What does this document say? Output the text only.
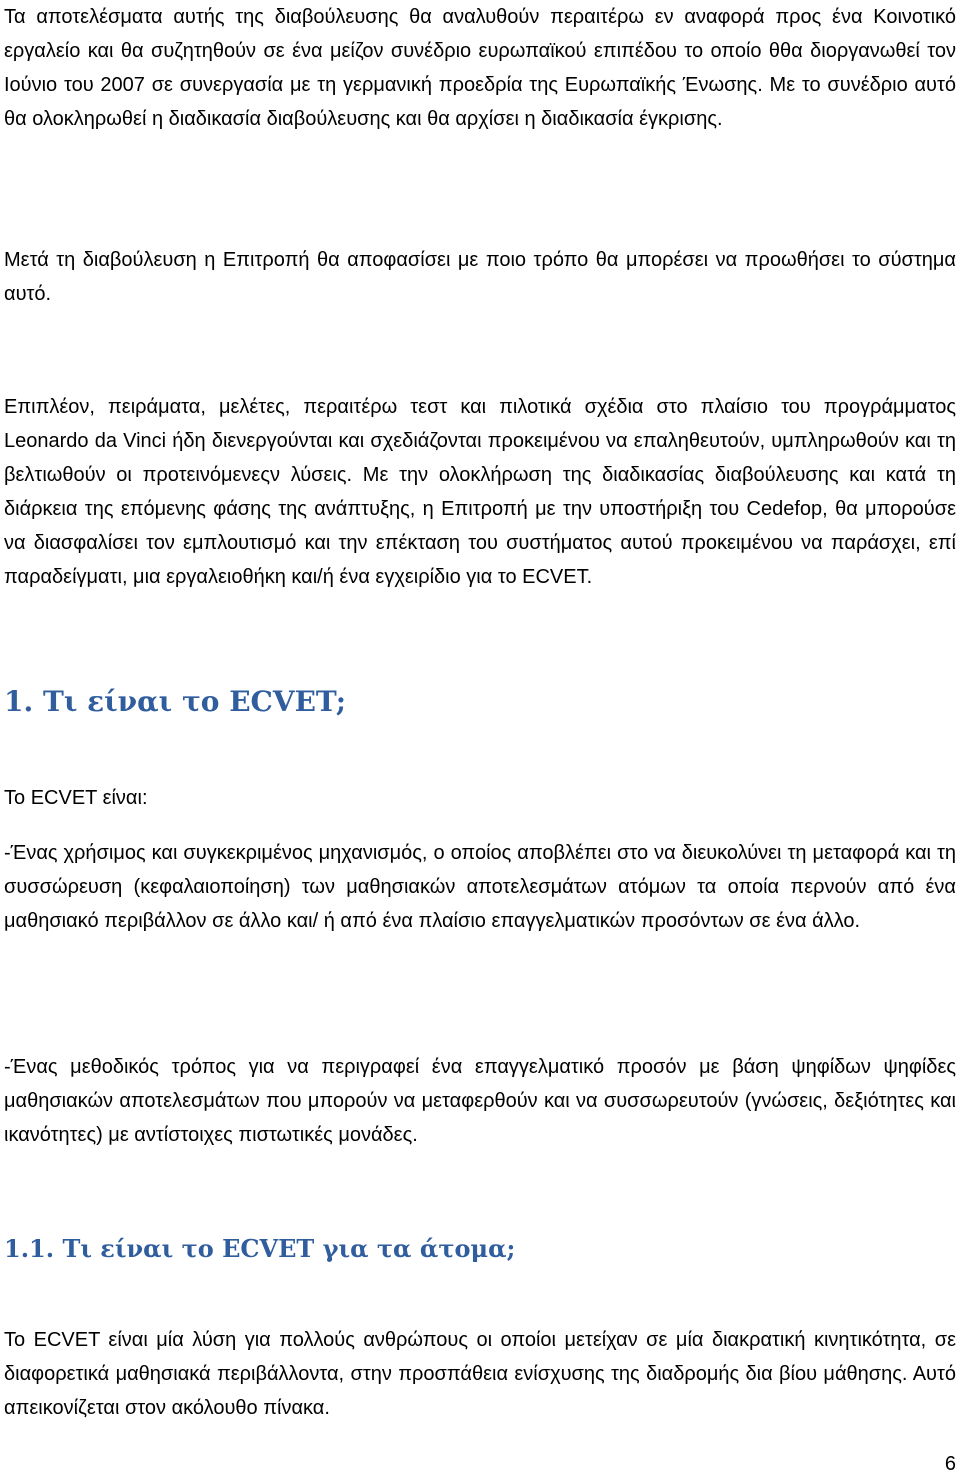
Τα αποτελέσματα αυτής της διαβούλευσης θα αναλυθούν περαιτέρω εν αναφορά προς ένα Κοινοτικό εργαλείο και θα συζητηθούν σε ένα μείζον συνέδριο ευρωπαϊκού επιπέδου το οποίο θθα διοργανωθεί τον Ιούνιο του 2007 σε συνεργασία με τη γερμανική προεδρία της Ευρωπαϊκής Ένωσης. Με το συνέδριο αυτό θα ολοκληρωθεί η διαδικασία διαβούλευσης και θα αρχίσει η διαδικασία έγκρισης.

Μετά τη διαβούλευση η Επιτροπή θα αποφασίσει με ποιο τρόπο θα μπορέσει να προωθήσει το σύστημα αυτό.

Επιπλέον, πειράματα, μελέτες, περαιτέρω τεστ και πιλοτικά σχέδια στο πλαίσιο του προγράμματος Leonardo da Vinci ήδη διενεργούνται και σχεδιάζονται προκειμένου να επαληθευτούν, υμπληρωθούν και τη βελτιωθούν οι προτεινόμενεςν λύσεις. Με την ολοκλήρωση της διαδικασίας διαβούλευσης και κατά τη διάρκεια της επόμενης φάσης της ανάπτυξης, η Επιτροπή με την υποστήριξη του Cedefop, θα μπορούσε να διασφαλίσει τον εμπλουτισμό και την επέκταση του συστήματος αυτού προκειμένου να παράσχει, επί παραδείγματι, μια εργαλειοθήκη και/ή ένα εγχειρίδιο για το ECVET.

1. Τι είναι το ECVET;

Το ECVET είναι:

-Ένας χρήσιμος και συγκεκριμένος μηχανισμός, ο οποίος αποβλέπει στο να διευκολύνει τη μεταφορά και τη συσσώρευση (κεφαλαιοποίηση) των μαθησιακών αποτελεσμάτων ατόμων τα οποία περνούν από ένα μαθησιακό περιβάλλον σε άλλο και/ ή από ένα πλαίσιο επαγγελματικών προσόντων σε ένα άλλο.

-Ένας μεθοδικός τρόπος για να περιγραφεί ένα επαγγελματικό προσόν με βάση ψηφίδων ψηφίδες μαθησιακών αποτελεσμάτων που μπορούν να μεταφερθούν και να συσσωρευτούν (γνώσεις, δεξιότητες και ικανότητες) με αντίστοιχες πιστωτικές μονάδες.

1.1. Τι είναι το ECVET για τα άτομα;

Το ECVET είναι μία λύση για πολλούς ανθρώπους οι οποίοι μετείχαν σε μία διακρατική κινητικότητα, σε διαφορετικά μαθησιακά περιβάλλοντα, στην προσπάθεια ενίσχυσης της διαδρομής δια βίου μάθησης. Αυτό απεικονίζεται στον ακόλουθο πίνακα.

6
